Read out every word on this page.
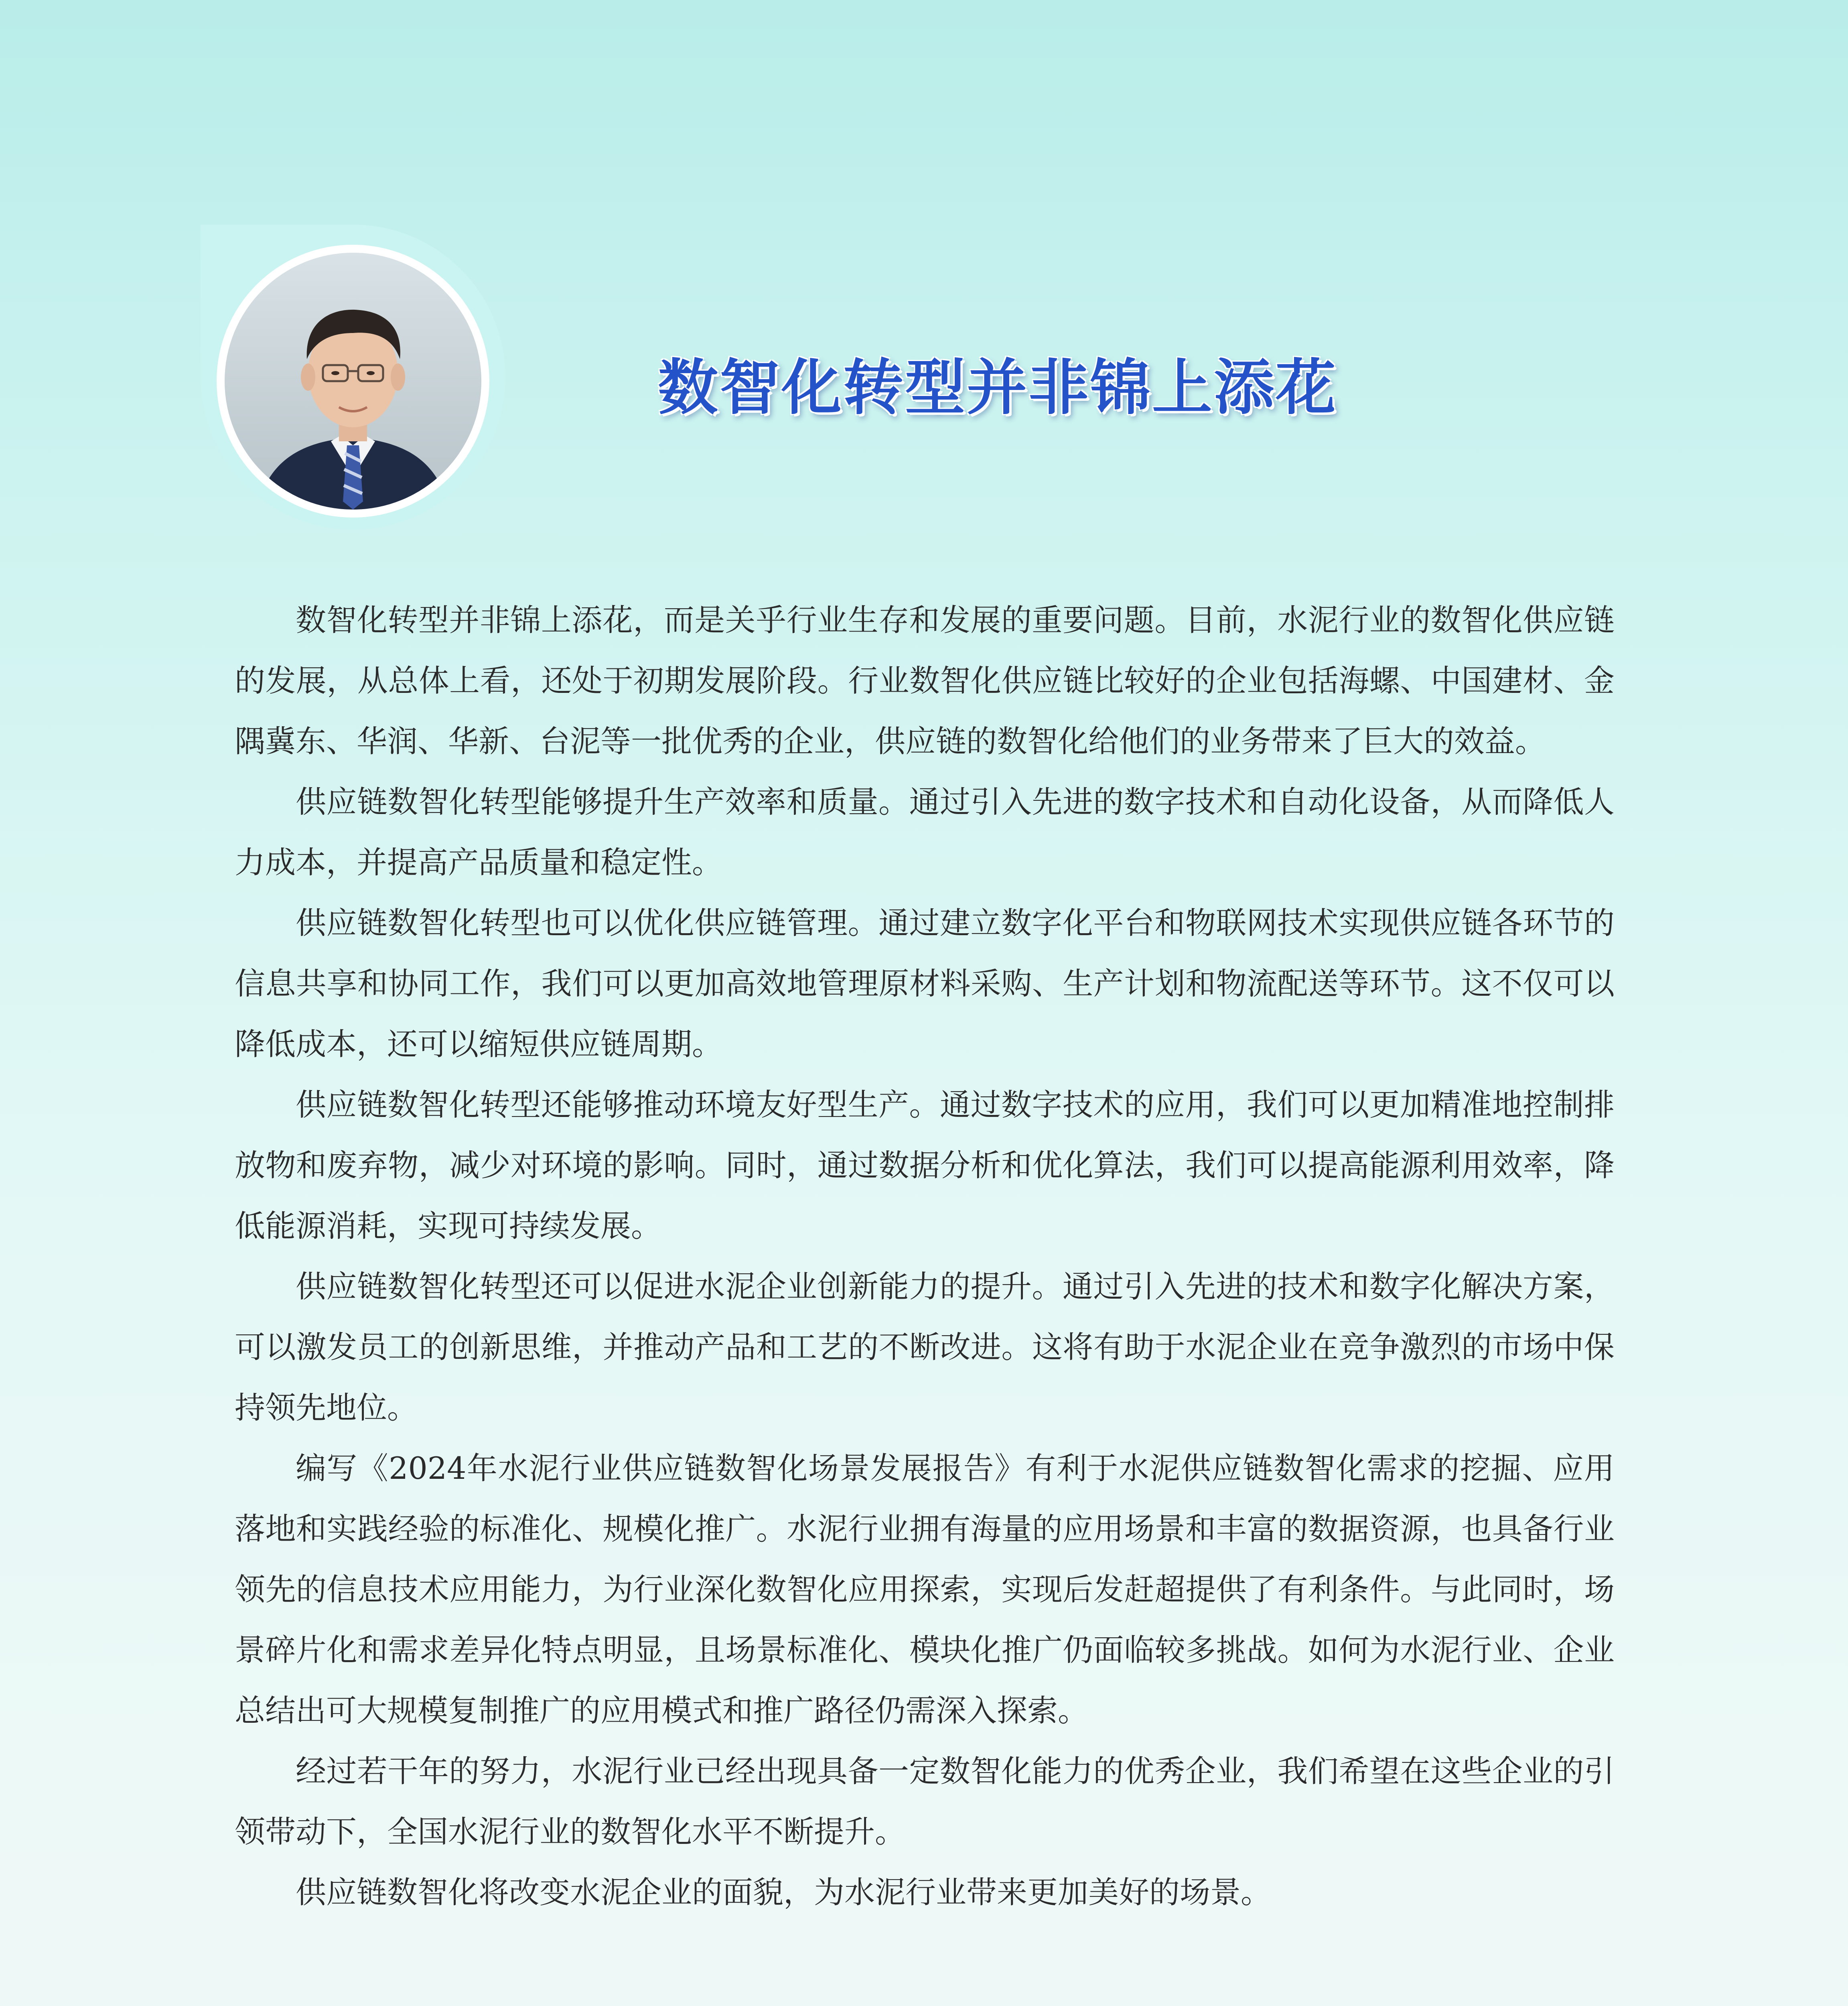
数智化转型并非锦上添花

数智化转型并非锦上添花，而是关乎行业生存和发展的重要问题。目前，水泥行业的数智化供应链的发展，从总体上看，还处于初期发展阶段。行业数智化供应链比较好的企业包括海螺、中国建材、金隅冀东、华润、华新、台泥等一批优秀的企业，供应链的数智化给他们的业务带来了巨大的效益。

供应链数智化转型能够提升生产效率和质量。通过引入先进的数字技术和自动化设备，从而降低人力成本，并提高产品质量和稳定性。

供应链数智化转型也可以优化供应链管理。通过建立数字化平台和物联网技术实现供应链各环节的信息共享和协同工作，我们可以更加高效地管理原材料采购、生产计划和物流配送等环节。这不仅可以降低成本，还可以缩短供应链周期。

供应链数智化转型还能够推动环境友好型生产。通过数字技术的应用，我们可以更加精准地控制排放物和废弃物，减少对环境的影响。同时，通过数据分析和优化算法，我们可以提高能源利用效率，降低能源消耗，实现可持续发展。

供应链数智化转型还可以促进水泥企业创新能力的提升。通过引入先进的技术和数字化解决方案，可以激发员工的创新思维，并推动产品和工艺的不断改进。这将有助于水泥企业在竞争激烈的市场中保持领先地位。

编写《2024年水泥行业供应链数智化场景发展报告》有利于水泥供应链数智化需求的挖掘、应用落地和实践经验的标准化、规模化推广。水泥行业拥有海量的应用场景和丰富的数据资源，也具备行业领先的信息技术应用能力，为行业深化数智化应用探索，实现后发赶超提供了有利条件。与此同时，场景碎片化和需求差异化特点明显，且场景标准化、模块化推广仍面临较多挑战。如何为水泥行业、企业总结出可大规模复制推广的应用模式和推广路径仍需深入探索。

经过若干年的努力，水泥行业已经出现具备一定数智化能力的优秀企业，我们希望在这些企业的引领带动下，全国水泥行业的数智化水平不断提升。

供应链数智化将改变水泥企业的面貌，为水泥行业带来更加美好的场景。
